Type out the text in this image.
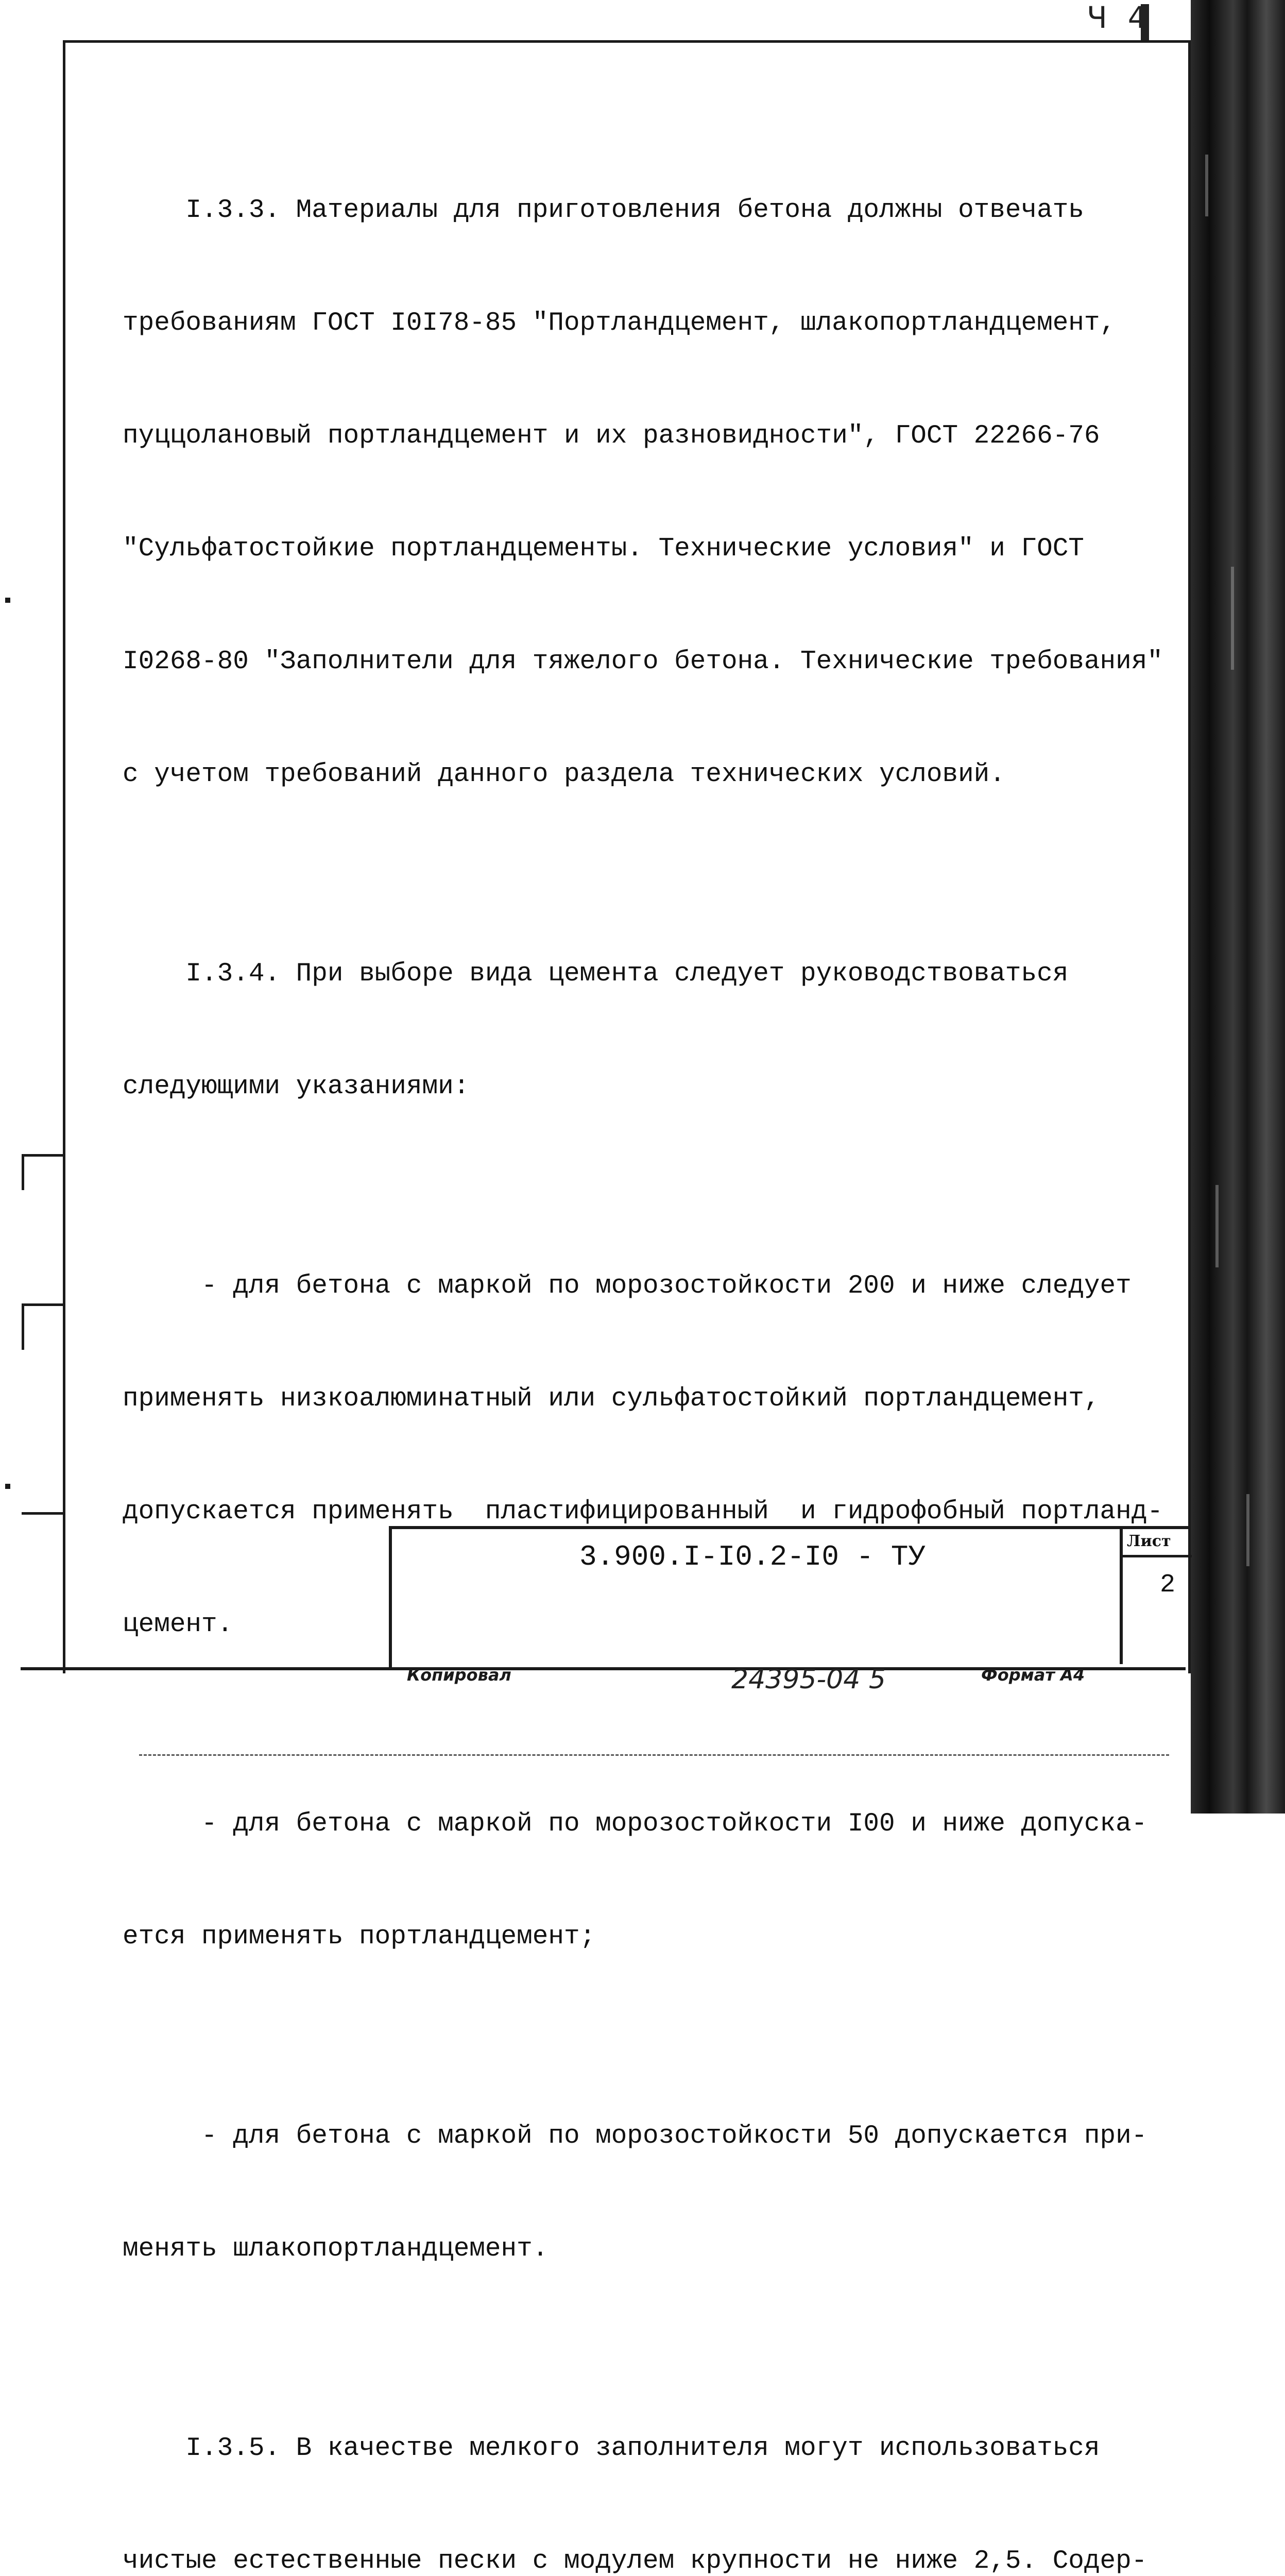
Ч4

I.3.3. Материалы для приготовления бетона должны отвечать

требованиям ГОСТ I0I78-85 "Портландцемент, шлакопортландцемент,

пуццолановый портландцемент и их разновидности", ГОСТ 22266-76

"Сульфатостойкие портландцементы. Технические условия" и ГОСТ

I0268-80 "Заполнители для тяжелого бетона. Технические требования"

с учетом требований данного раздела технических условий.

I.3.4. При выборе вида цемента следует руководствоваться

следующими указаниями:

- для бетона с маркой по морозостойкости 200 и ниже следует

применять низкоалюминатный или сульфатостойкий портландцемент,

допускается применять  пластифицированный  и гидрофобный портланд-

цемент.

- для бетона с маркой по морозостойкости I00 и ниже допуска-

ется применять портландцемент;

- для бетона с маркой по морозостойкости 50 допускается при-

менять шлакопортландцемент.

I.3.5. В качестве мелкого заполнителя могут использоваться

чистые естественные пески с модулем крупности не ниже 2,5. Содер-

3.900.I-I0.2-I0 - ТУ	Лист
2
Копировал	24395-04 5	Формат А4
